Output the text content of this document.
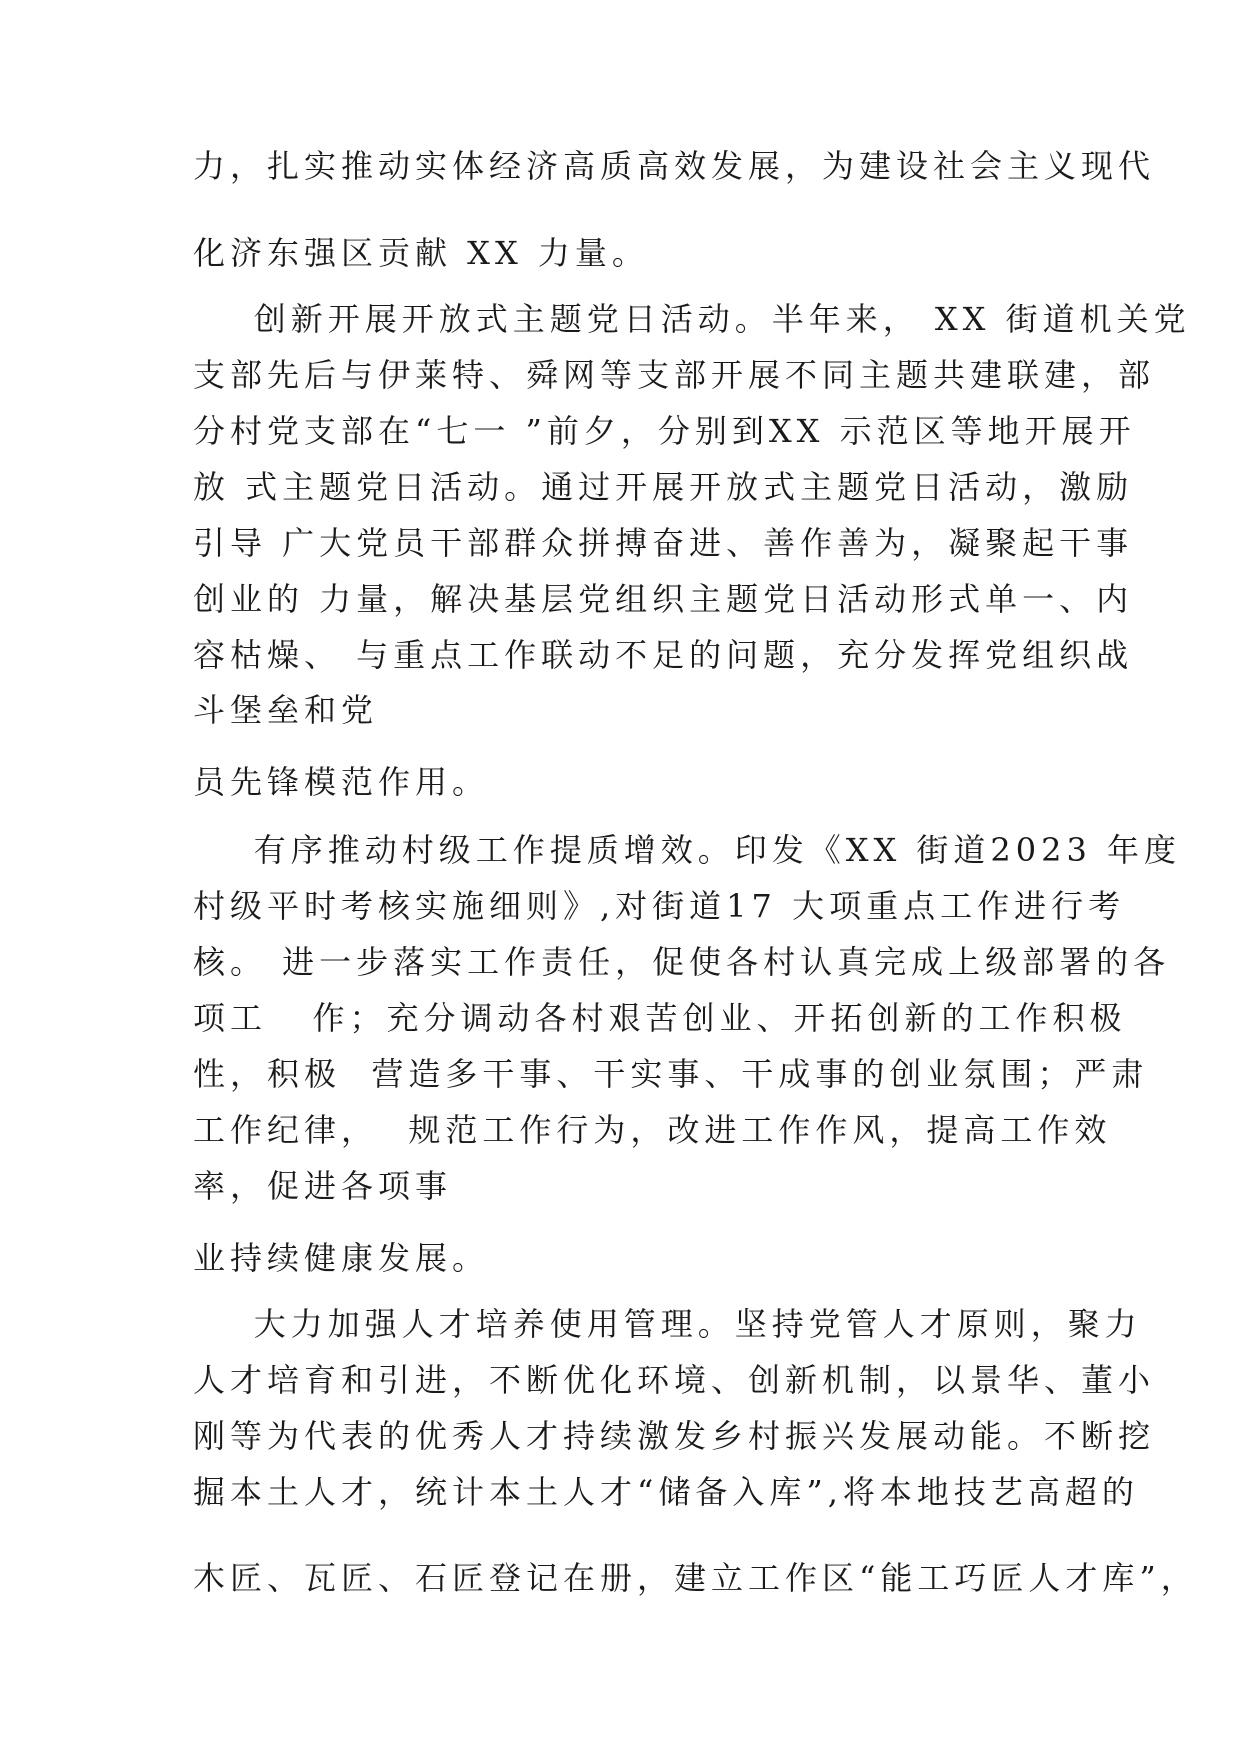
力，扎实推动实体经济高质高效发展，为建设社会主义现代
化济东强区贡献 XX 力量。
创新开展开放式主题党日活动。半年来， XX 街道机关党
支部先后与伊莱特、舜网等支部开展不同主题共建联建，部
分村党支部在“七一 ”前夕，分别到XX 示范区等地开展开
放 式主题党日活动。通过开展开放式主题党日活动，激励
引导 广大党员干部群众拼搏奋进、善作善为，凝聚起干事
创业的 力量，解决基层党组织主题党日活动形式单一、内
容枯燥、 与重点工作联动不足的问题，充分发挥党组织战
斗堡垒和党
员先锋模范作用。
有序推动村级工作提质增效。印发《XX 街道2023 年度
村级平时考核实施细则》,对街道17 大项重点工作进行考
核。 进一步落实工作责任，促使各村认真完成上级部署的各
项工   作；充分调动各村艰苦创业、开拓创新的工作积极
性，积极  营造多干事、干实事、干成事的创业氛围；严肃
工作纪律，  规范工作行为，改进工作作风，提高工作效
率，促进各项事
业持续健康发展。
大力加强人才培养使用管理。坚持党管人才原则，聚力
人才培育和引进，不断优化环境、创新机制，以景华、董小
刚等为代表的优秀人才持续激发乡村振兴发展动能。不断挖
掘本土人才，统计本土人才“储备入库”,将本地技艺高超的
木匠、瓦匠、石匠登记在册，建立工作区“能工巧匠人才库”，
